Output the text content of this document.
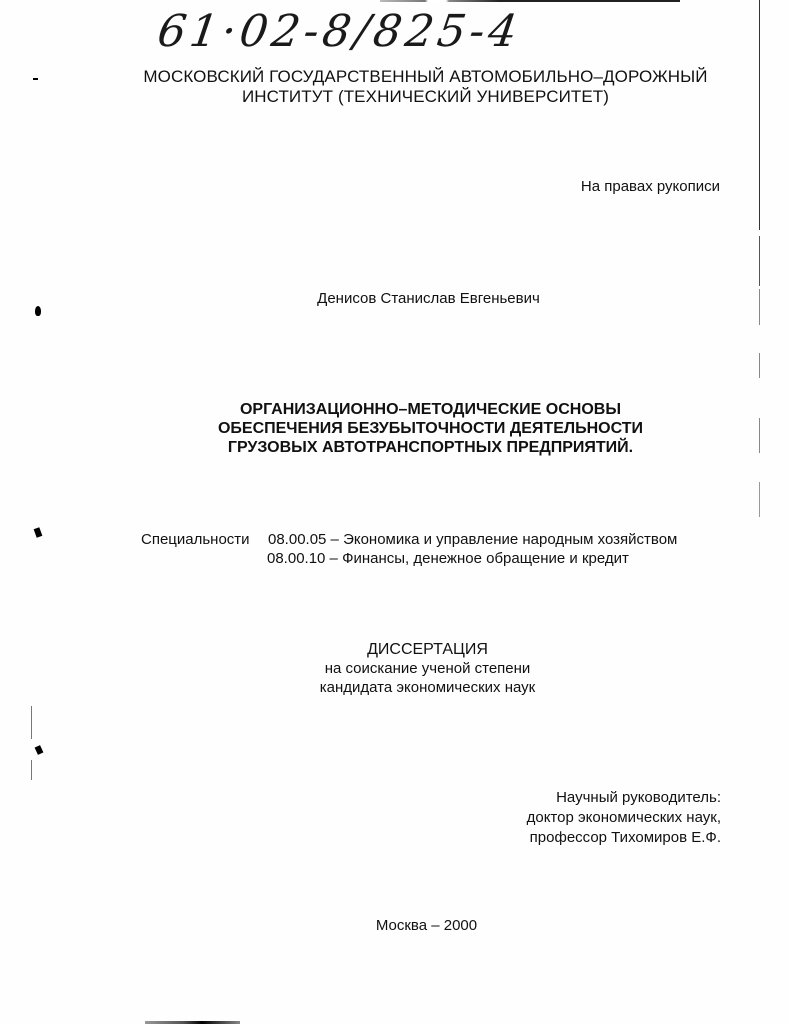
61·02-8/825-4
МОСКОВСКИЙ ГОСУДАРСТВЕННЫЙ АВТОМОБИЛЬНО–ДОРОЖНЫЙ
ИНСТИТУТ (ТЕХНИЧЕСКИЙ УНИВЕРСИТЕТ)
На правах рукописи
Денисов Станислав Евгеньевич
ОРГАНИЗАЦИОННО–МЕТОДИЧЕСКИЕ ОСНОВЫ
ОБЕСПЕЧЕНИЯ БЕЗУБЫТОЧНОСТИ ДЕЯТЕЛЬНОСТИ
ГРУЗОВЫХ АВТОТРАНСПОРТНЫХ ПРЕДПРИЯТИЙ.
Специальности	08.00.05 – Экономика и управление народным хозяйством
08.00.10 – Финансы, денежное обращение и кредит
ДИССЕРТАЦИЯ
на соискание ученой степени
кандидата экономических наук
Научный руководитель:
доктор экономических наук,
профессор Тихомиров Е.Ф.
Москва – 2000
